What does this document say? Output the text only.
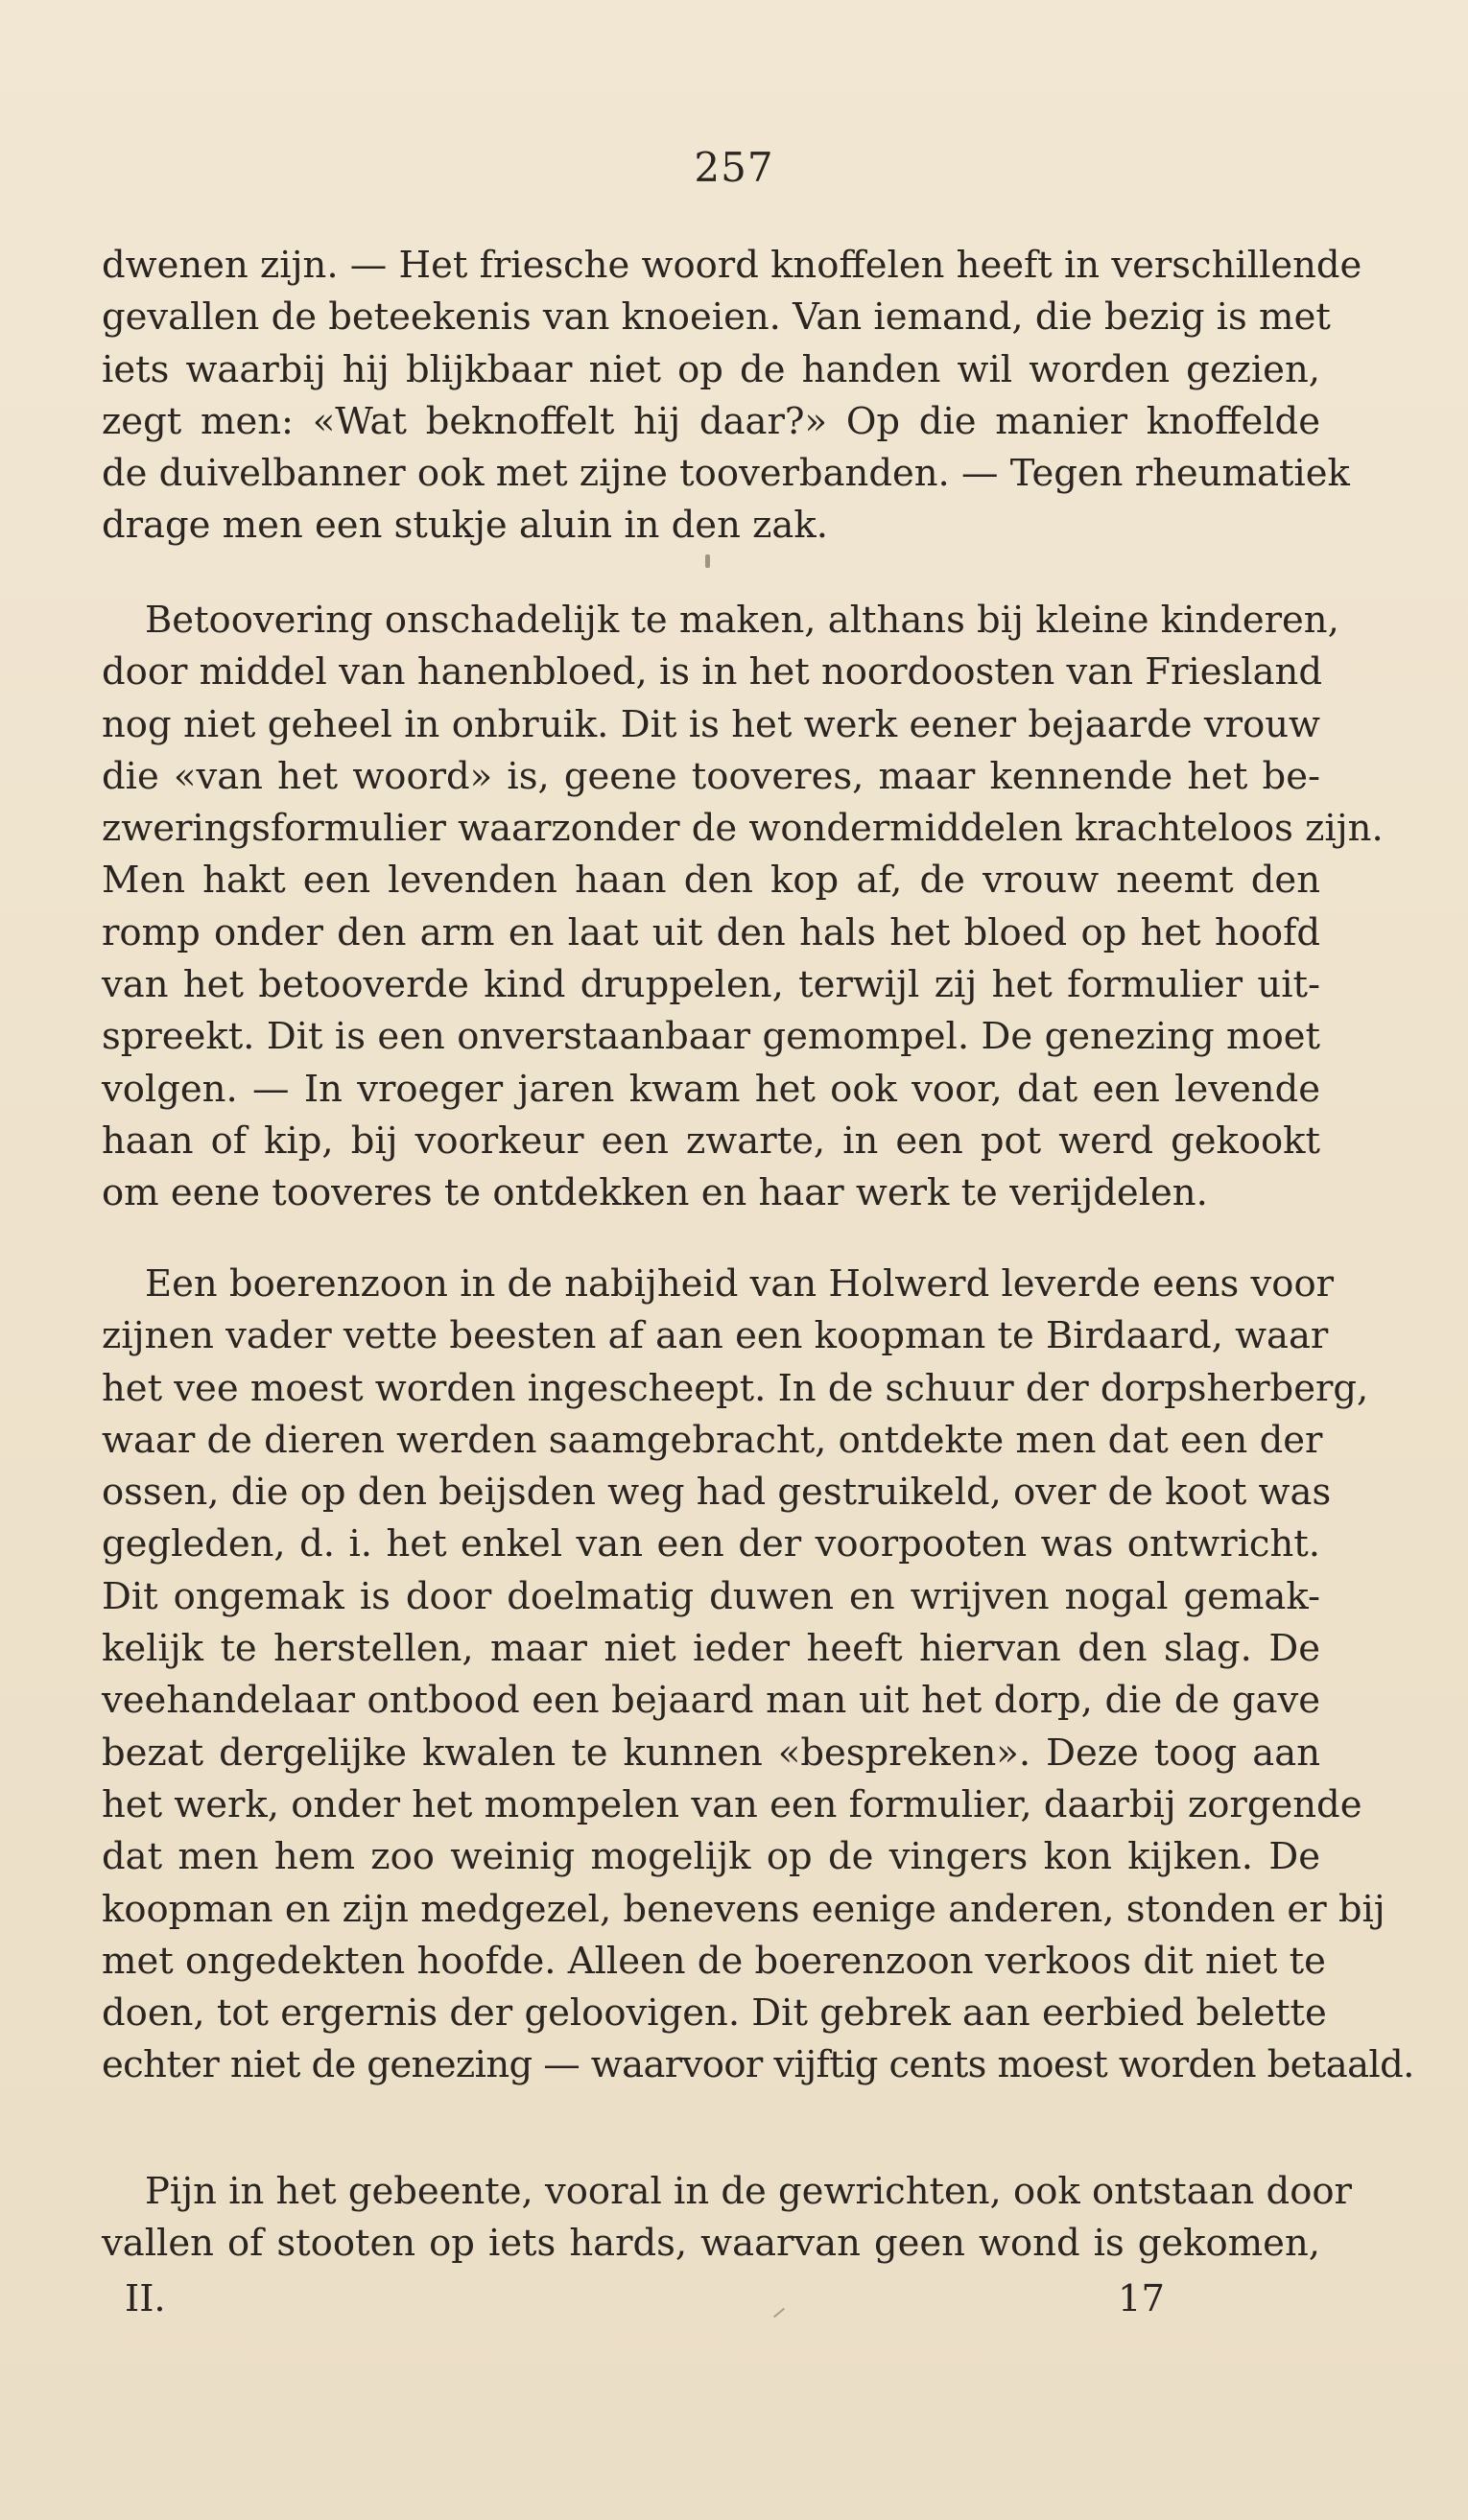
257
dwenen zijn. — Het friesche woord knoffelen heeft in verschillende
gevallen de beteekenis van knoeien. Van iemand, die bezig is met
iets waarbij hij blijkbaar niet op de handen wil worden gezien,
zegt men: «Wat beknoffelt hij daar?» Op die manier knoffelde
de duivelbanner ook met zijne tooverbanden. — Tegen rheumatiek
drage men een stukje aluin in den zak.
Betoovering onschadelijk te maken, althans bij kleine kinderen,
door middel van hanenbloed, is in het noordoosten van Friesland
nog niet geheel in onbruik. Dit is het werk eener bejaarde vrouw
die «van het woord» is, geene tooveres, maar kennende het be-
zweringsformulier waarzonder de wondermiddelen krachteloos zijn.
Men hakt een levenden haan den kop af, de vrouw neemt den
romp onder den arm en laat uit den hals het bloed op het hoofd
van het betooverde kind druppelen, terwijl zij het formulier uit-
spreekt. Dit is een onverstaanbaar gemompel. De genezing moet
volgen. — In vroeger jaren kwam het ook voor, dat een levende
haan of kip, bij voorkeur een zwarte, in een pot werd gekookt
om eene tooveres te ontdekken en haar werk te verijdelen.
Een boerenzoon in de nabijheid van Holwerd leverde eens voor
zijnen vader vette beesten af aan een koopman te Birdaard, waar
het vee moest worden ingescheept. In de schuur der dorpsherberg,
waar de dieren werden saamgebracht, ontdekte men dat een der
ossen, die op den beijsden weg had gestruikeld, over de koot was
gegleden, d. i. het enkel van een der voorpooten was ontwricht.
Dit ongemak is door doelmatig duwen en wrijven nogal gemak-
kelijk te herstellen, maar niet ieder heeft hiervan den slag. De
veehandelaar ontbood een bejaard man uit het dorp, die de gave
bezat dergelijke kwalen te kunnen «bespreken». Deze toog aan
het werk, onder het mompelen van een formulier, daarbij zorgende
dat men hem zoo weinig mogelijk op de vingers kon kijken. De
koopman en zijn medgezel, benevens eenige anderen, stonden er bij
met ongedekten hoofde. Alleen de boerenzoon verkoos dit niet te
doen, tot ergernis der geloovigen. Dit gebrek aan eerbied belette
echter niet de genezing — waarvoor vijftig cents moest worden betaald.
Pijn in het gebeente, vooral in de gewrichten, ook ontstaan door
vallen of stooten op iets hards, waarvan geen wond is gekomen,
II.	17
